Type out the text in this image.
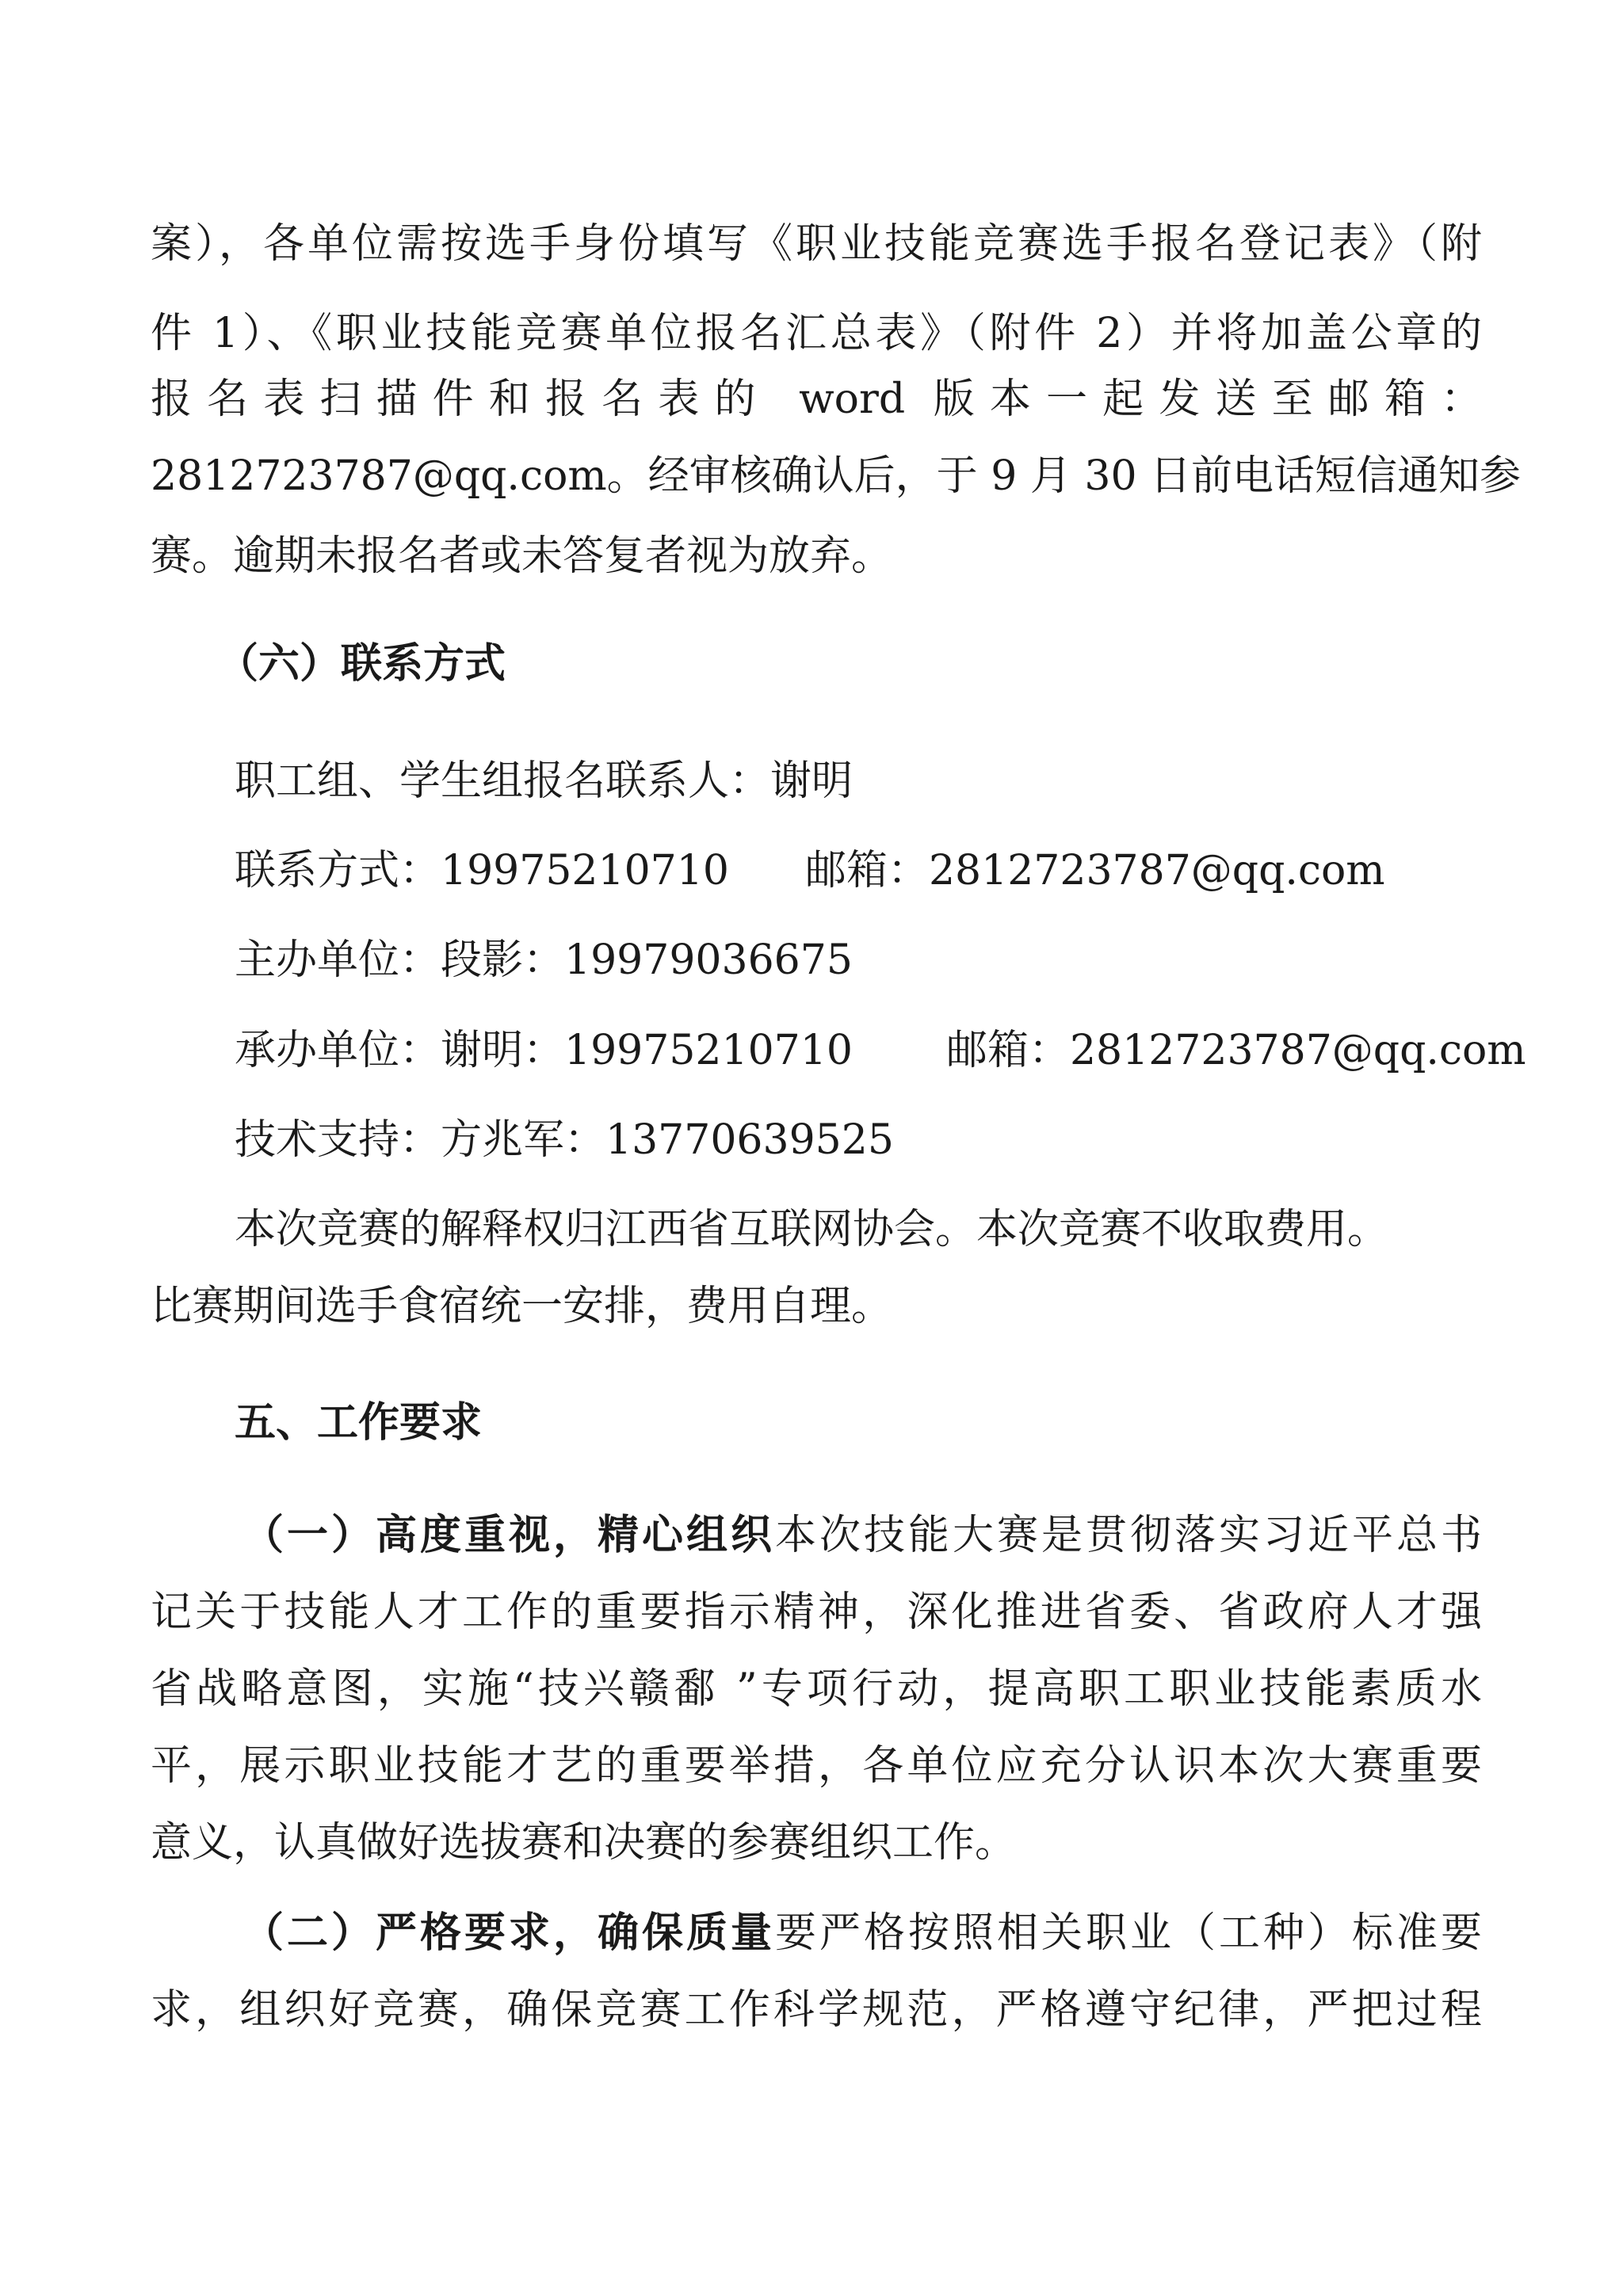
案），各单位需按选手身份填写《职业技能竞赛选手报名登记表》（附
件 1）、《职业技能竞赛单位报名汇总表》（附件 2）并将加盖公章的
报名表扫描件和报名表的 word 版本一起发送至邮箱：
2812723787@qq.com。经审核确认后，于 9 月 30 日前电话短信通知参
赛。逾期未报名者或未答复者视为放弃。
（六）联系方式
职工组、学生组报名联系人：谢明
联系方式：19975210710 邮箱：2812723787@qq.com
主办单位：段影：19979036675
承办单位：谢明：19975210710 邮箱：2812723787@qq.com
技术支持：方兆军：13770639525
本次竞赛的解释权归江西省互联网协会。本次竞赛不收取费用。
比赛期间选手食宿统一安排，费用自理。
五、工作要求
（一）高度重视，精心组织本次技能大赛是贯彻落实习近平总书
记关于技能人才工作的重要指示精神，深化推进省委、省政府人才强
省战略意图，实施“技兴赣鄱 ”专项行动，提高职工职业技能素质水
平，展示职业技能才艺的重要举措，各单位应充分认识本次大赛重要
意义，认真做好选拔赛和决赛的参赛组织工作。
（二）严格要求，确保质量要严格按照相关职业（工种）标准要
求，组织好竞赛，确保竞赛工作科学规范，严格遵守纪律，严把过程
